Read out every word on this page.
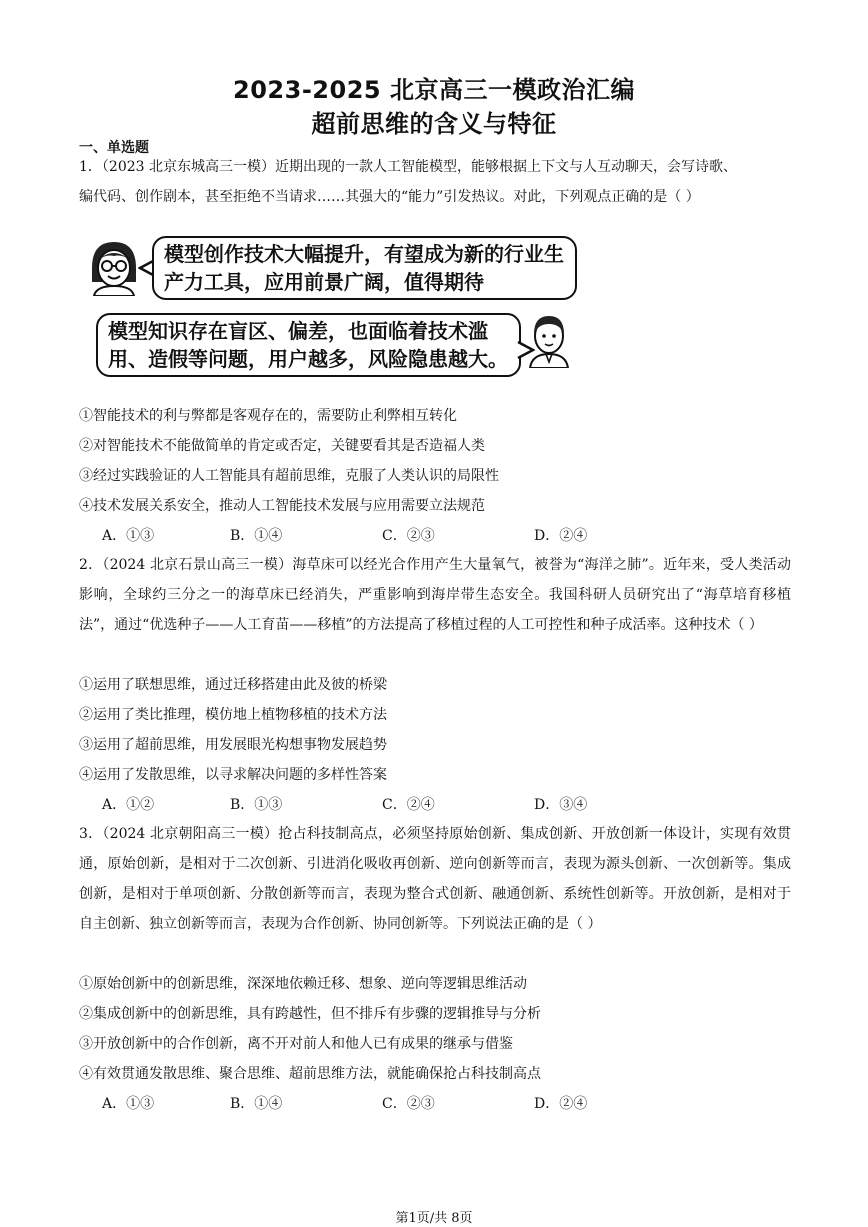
2023-2025 北京高三一模政治汇编
超前思维的含义与特征
一、单选题
1．（2023 北京东城高三一模）近期出现的一款人工智能模型，能够根据上下文与人互动聊天，会写诗歌、
编代码、创作剧本，甚至拒绝不当请求……其强大的“能力”引发热议。对此，下列观点正确的是（ ）
模型创作技术大幅提升，有望成为新的行业生产力工具，应用前景广阔，值得期待
模型知识存在盲区、偏差，也面临着技术滥用、造假等问题，用户越多，风险隐患越大。
①智能技术的利与弊都是客观存在的，需要防止利弊相互转化
②对智能技术不能做简单的肯定或否定，关键要看其是否造福人类
③经过实践验证的人工智能具有超前思维，克服了人类认识的局限性
④技术发展关系安全，推动人工智能技术发展与应用需要立法规范
A．①③	B．①④	C．②③	D．②④
2．（2024 北京石景山高三一模）海草床可以经光合作用产生大量氧气，被誉为“海洋之肺”。近年来，受人类活动影响，全球约三分之一的海草床已经消失，严重影响到海岸带生态安全。我国科研人员研究出了“海草培育移植法”，通过“优选种子——人工育苗——移植”的方法提高了移植过程的人工可控性和种子成活率。这种技术（ ）
①运用了联想思维，通过迁移搭建由此及彼的桥梁
②运用了类比推理，模仿地上植物移植的技术方法
③运用了超前思维，用发展眼光构想事物发展趋势
④运用了发散思维，以寻求解决问题的多样性答案
A．①②	B．①③	C．②④	D．③④
3．（2024 北京朝阳高三一模）抢占科技制高点，必须坚持原始创新、集成创新、开放创新一体设计，实现有效贯通，原始创新，是相对于二次创新、引进消化吸收再创新、逆向创新等而言，表现为源头创新、一次创新等。集成创新，是相对于单项创新、分散创新等而言，表现为整合式创新、融通创新、系统性创新等。开放创新，是相对于自主创新、独立创新等而言，表现为合作创新、协同创新等。下列说法正确的是（ ）
①原始创新中的创新思维，深深地依赖迁移、想象、逆向等逻辑思维活动
②集成创新中的创新思维，具有跨越性，但不排斥有步骤的逻辑推导与分析
③开放创新中的合作创新，离不开对前人和他人已有成果的继承与借鉴
④有效贯通发散思维、聚合思维、超前思维方法，就能确保抢占科技制高点
A．①③	B．①④	C．②③	D．②④
第1页/共 8页
